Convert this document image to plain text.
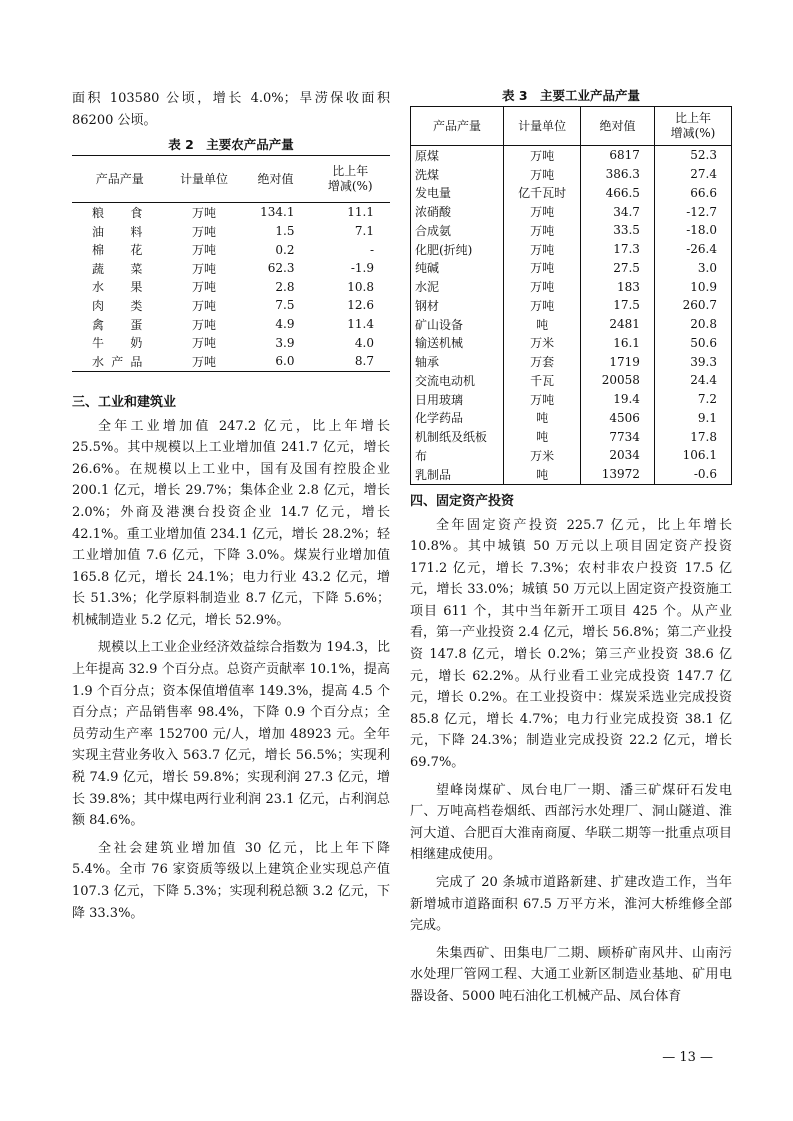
面积 103580 公顷，增长 4.0%；旱涝保收面积 86200 公顷。

表 2　主要农产品产量
产品产量	计量单位	绝对值	比上年
增减(%)
粮　食	万吨	134.1	11.1
油　料	万吨	1.5	7.1
棉　花	万吨	0.2	-
蔬　菜	万吨	62.3	-1.9
水　果	万吨	2.8	10.8
肉　类	万吨	7.5	12.6
禽　蛋	万吨	4.9	11.4
牛　奶	万吨	3.9	4.0
水产品	万吨	6.0	8.7
三、工业和建筑业

全年工业增加值 247.2 亿元，比上年增长 25.5%。其中规模以上工业增加值 241.7 亿元，增长 26.6%。在规模以上工业中，国有及国有控股企业 200.1 亿元，增长 29.7%；集体企业 2.8 亿元，增长 2.0%；外商及港澳台投资企业 14.7 亿元，增长 42.1%。重工业增加值 234.1 亿元，增长 28.2%；轻工业增加值 7.6 亿元，下降 3.0%。煤炭行业增加值 165.8 亿元，增长 24.1%；电力行业 43.2 亿元，增长 51.3%；化学原料制造业 8.7 亿元，下降 5.6%；机械制造业 5.2 亿元，增长 52.9%。

规模以上工业企业经济效益综合指数为 194.3，比上年提高 32.9 个百分点。总资产贡献率 10.1%，提高 1.9 个百分点；资本保值增值率 149.3%，提高 4.5 个百分点；产品销售率 98.4%，下降 0.9 个百分点；全员劳动生产率 152700 元/人，增加 48923 元。全年实现主营业务收入 563.7 亿元，增长 56.5%；实现利税 74.9 亿元，增长 59.8%；实现利润 27.3 亿元，增长 39.8%；其中煤电两行业利润 23.1 亿元，占利润总额 84.6%。

全社会建筑业增加值 30 亿元，比上年下降 5.4%。全市 76 家资质等级以上建筑企业实现总产值 107.3 亿元，下降 5.3%；实现利税总额 3.2 亿元，下降 33.3%。

表 3　主要工业产品产量
产品产量	计量单位	绝对值	比上年
增减(%)
原煤	万吨	6817	52.3
洗煤	万吨	386.3	27.4
发电量	亿千瓦时	466.5	66.6
浓硝酸	万吨	34.7	-12.7
合成氨	万吨	33.5	-18.0
化肥(折纯)	万吨	17.3	-26.4
纯碱	万吨	27.5	3.0
水泥	万吨	183	10.9
钢材	万吨	17.5	260.7
矿山设备	吨	2481	20.8
输送机械	万米	16.1	50.6
轴承	万套	1719	39.3
交流电动机	千瓦	20058	24.4
日用玻璃	万吨	19.4	7.2
化学药品	吨	4506	9.1
机制纸及纸板	吨	7734	17.8
布	万米	2034	106.1
乳制品	吨	13972	-0.6
四、固定资产投资

全年固定资产投资 225.7 亿元，比上年增长 10.8%。其中城镇 50 万元以上项目固定资产投资 171.2 亿元，增长 7.3%；农村非农户投资 17.5 亿元，增长 33.0%；城镇 50 万元以上固定资产投资施工项目 611 个，其中当年新开工项目 425 个。从产业看，第一产业投资 2.4 亿元，增长 56.8%；第二产业投资 147.8 亿元，增长 0.2%；第三产业投资 38.6 亿元，增长 62.2%。从行业看工业完成投资 147.7 亿元，增长 0.2%。在工业投资中：煤炭采选业完成投资 85.8 亿元，增长 4.7%；电力行业完成投资 38.1 亿元，下降 24.3%；制造业完成投资 22.2 亿元，增长 69.7%。

望峰岗煤矿、凤台电厂一期、潘三矿煤矸石发电厂、万吨高档卷烟纸、西部污水处理厂、洞山隧道、淮河大道、合肥百大淮南商厦、华联二期等一批重点项目相继建成使用。

完成了 20 条城市道路新建、扩建改造工作，当年新增城市道路面积 67.5 万平方米，淮河大桥维修全部完成。

朱集西矿、田集电厂二期、顾桥矿南风井、山南污水处理厂管网工程、大通工业新区制造业基地、矿用电器设备、5000 吨石油化工机械产品、凤台体育

— 13 —
